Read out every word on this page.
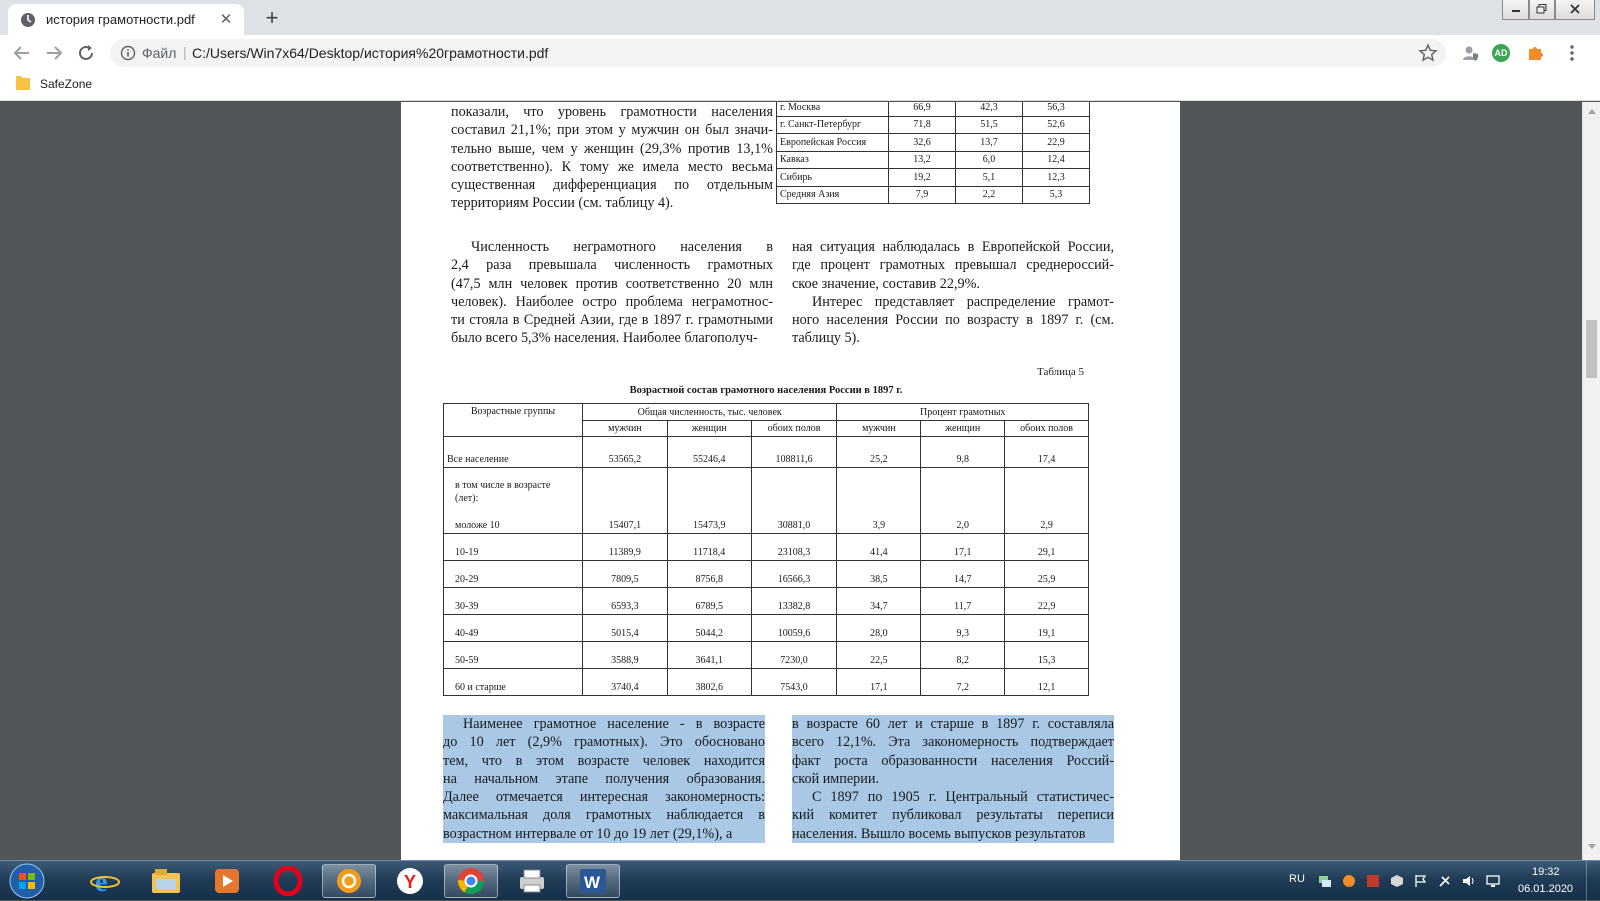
история грамотности.pdf	✕	+
Файл | C:/Users/Win7x64/Desktop/история%20грамотности.pdf	AD
SafeZone
показали, что уровень грамотности населения
составил 21,1%; при этом у мужчин он был значи-
тельно выше, чем у женщин (29,3% против 13,1%
соответственно). К тому же имела место весьма
существенная дифференциация по отдельным
территориям России (см. таблицу 4).
г. Москва	66,9	42,3	56,3
г. Санкт-Петербург	71,8	51,5	52,6
Европейская Россия	32,6	13,7	22,9
Кавказ	13,2	6,0	12,4
Сибирь	19,2	5,1	12,3
Средняя Азия	7,9	2,2	5,3
Численность неграмотного населения в
2,4 раза превышала численность грамотных
(47,5 млн человек против соответственно 20 млн
человек). Наиболее остро проблема неграмотнос-
ти стояла в Средней Азии, где в 1897 г. грамотными
было всего 5,3% населения. Наиболее благополуч-
ная ситуация наблюдалась в Европейской России,
где процент грамотных превышал среднероссий-
ское значение, составив 22,9%.
Интерес представляет распределение грамот-
ного населения России по возрасту в 1897 г. (см.
таблицу 5).
Таблица 5
Возрастной состав грамотного населения России в 1897 г.
Возрастные группы	Общая численность, тыс. человек			Процент грамотных		
	мужчин	женщин	обоих полов	мужчин	женщин	обоих полов
Все население	53565,2	55246,4	108811,6	25,2	9,8	17,4

в том числе в возрасте (лет):
моложе 10	15407,1	15473,9	30881,0	3,9	2,0	2,9
10-19	11389,9	11718,4	23108,3	41,4	17,1	29,1
20-29	7809,5	8756,8	16566,3	38,5	14,7	25,9
30-39	6593,3	6789,5	13382,8	34,7	11,7	22,9
40-49	5015,4	5044,2	10059,6	28,0	9,3	19,1
50-59	3588,9	3641,1	7230,0	22,5	8,2	15,3
60 и старше	3740,4	3802,6	7543,0	17,1	7,2	12,1
Наименее грамотное население - в возрасте
до 10 лет (2,9% грамотных). Это обосновано
тем, что в этом возрасте человек находится
на начальном этапе получения образования.
Далее отмечается интересная закономерность:
максимальная доля грамотных наблюдается в
возрастном интервале от 10 до 19 лет (29,1%), а
в возрасте 60 лет и старше в 1897 г. составляла
всего 12,1%. Эта закономерность подтверждает
факт роста образованности населения Россий-
ской империи.
С 1897 по 1905 г. Центральный статистичес-
кий комитет публиковал результаты переписи
населения. Вышло восемь выпусков результатов
e	Y	W	RU
19:32
06.01.2020
